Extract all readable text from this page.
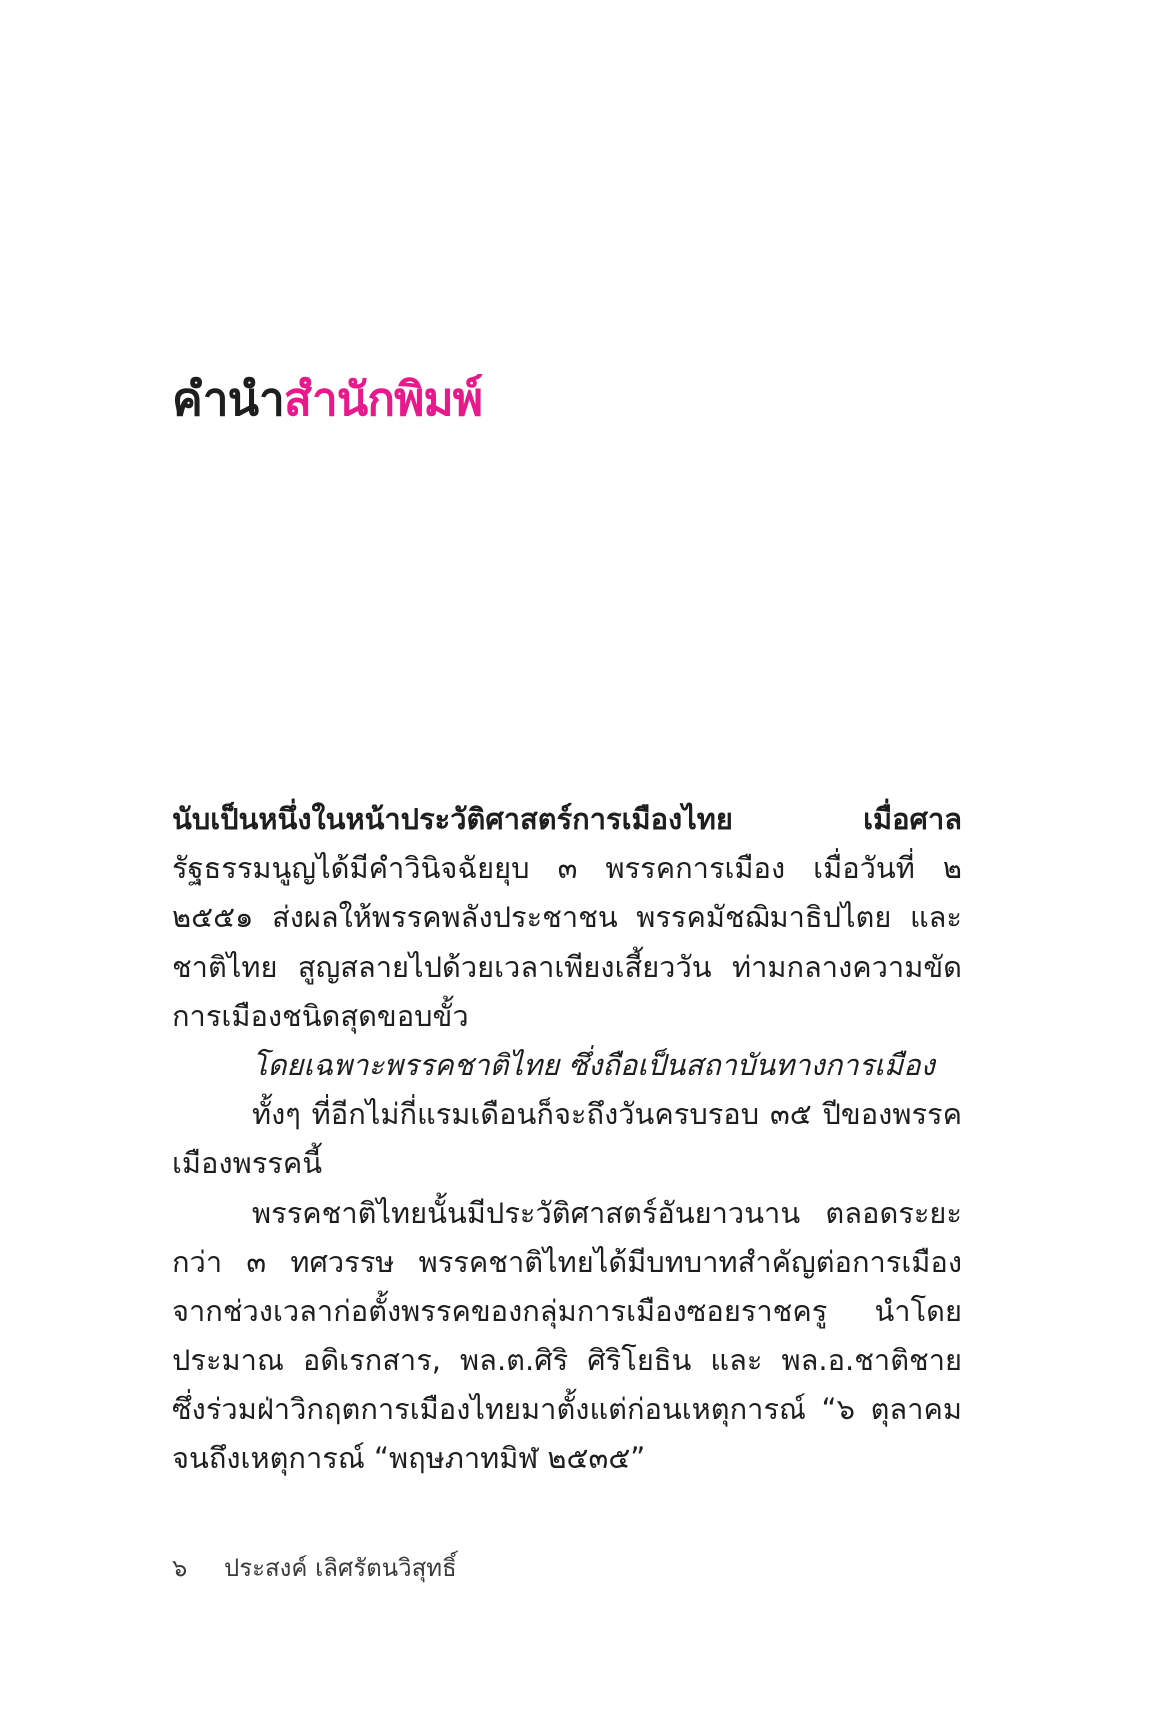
คำนำสำนักพิมพ์
นับเป็นหนึ่งในหน้าประวัติศาสตร์การเมืองไทย เมื่อศาล
รัฐธรรมนูญได้มีคำวินิจฉัยยุบ ๓ พรรคการเมือง เมื่อวันที่ ๒
๒๕๕๑ ส่งผลให้พรรคพลังประชาชน พรรคมัชฌิมาธิปไตย และ
ชาติไทย สูญสลายไปด้วยเวลาเพียงเสี้ยววัน ท่ามกลางความขัด
การเมืองชนิดสุดขอบขั้ว
โดยเฉพาะพรรคชาติไทย ซึ่งถือเป็นสถาบันทางการเมือง
ทั้งๆ ที่อีกไม่กี่แรมเดือนก็จะถึงวันครบรอบ ๓๕ ปีของพรรค
เมืองพรรคนี้
พรรคชาติไทยนั้นมีประวัติศาสตร์อันยาวนาน ตลอดระยะ
กว่า ๓ ทศวรรษ พรรคชาติไทยได้มีบทบาทสำคัญต่อการเมือง
จากช่วงเวลาก่อตั้งพรรคของกลุ่มการเมืองซอยราชครู นำโดย
ประมาณ อดิเรกสาร, พล.ต.ศิริ ศิริโยธิน และ พล.อ.ชาติชาย
ซึ่งร่วมฝ่าวิกฤตการเมืองไทยมาตั้งแต่ก่อนเหตุการณ์ “๖ ตุลาคม
จนถึงเหตุการณ์ “พฤษภาทมิฬ ๒๕๓๕”
๖ ประสงค์ เลิศรัตนวิสุทธิ์
